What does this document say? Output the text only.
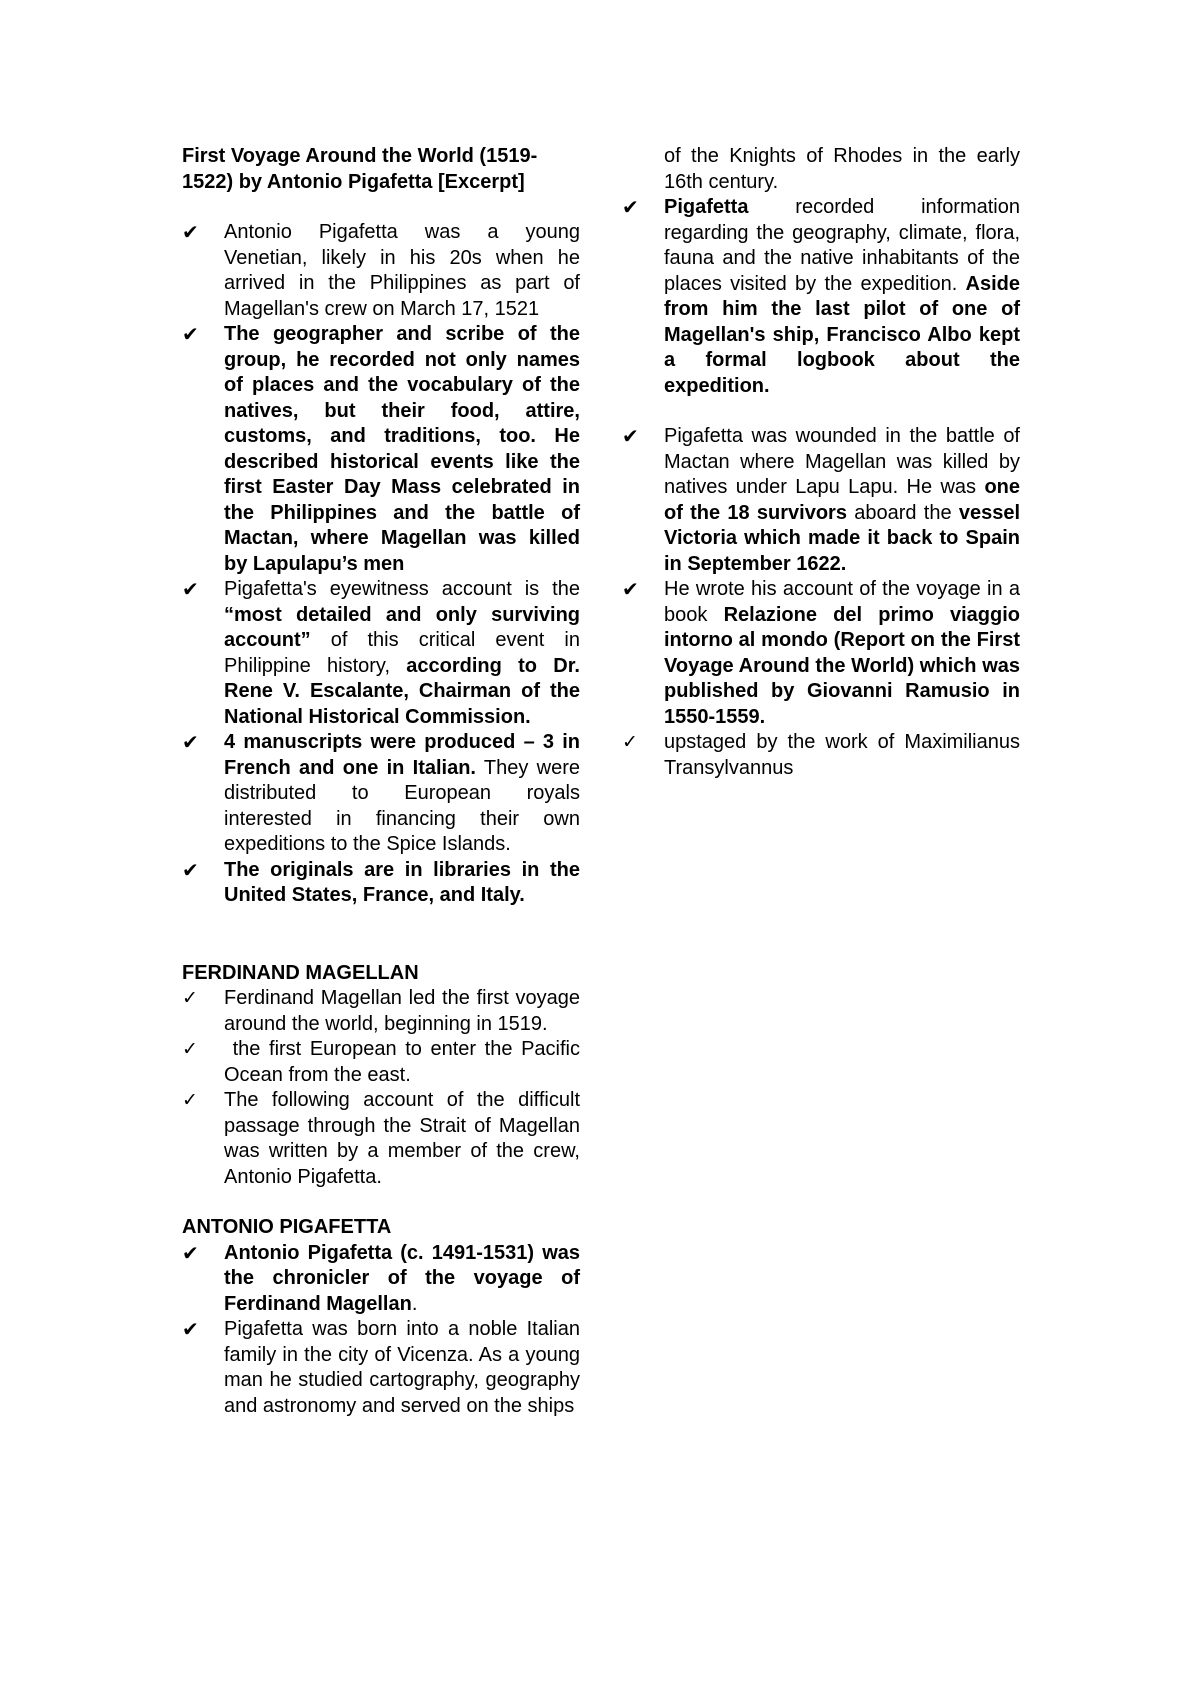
First Voyage Around the World (1519-1522) by Antonio Pigafetta [Excerpt]

✔	Antonio Pigafetta was a young Venetian, likely in his 20s when he arrived in the Philippines as part of Magellan's crew on March 17, 1521
✔	The geographer and scribe of the group, he recorded not only names of places and the vocabulary of the natives, but their food, attire, customs, and traditions, too. He described historical events like the first Easter Day Mass celebrated in the Philippines and the battle of Mactan, where Magellan was killed by Lapulapu’s men
✔	Pigafetta's eyewitness account is the “most detailed and only surviving account” of this critical event in Philippine history, according to Dr. Rene V. Escalante, Chairman of the National Historical Commission.
✔	4 manuscripts were produced – 3 in French and one in Italian. They were distributed to European royals interested in financing their own expeditions to the Spice Islands.
✔	The originals are in libraries in the United States, France, and Italy.

FERDINAND MAGELLAN

✓	Ferdinand Magellan led the first voyage around the world, beginning in 1519.
✓	the first European to enter the Pacific Ocean from the east.
✓	The following account of the difficult passage through the Strait of Magellan was written by a member of the crew, Antonio Pigafetta.

ANTONIO PIGAFETTA

✔	Antonio Pigafetta (c. 1491-1531) was the chronicler of the voyage of Ferdinand Magellan.
✔	Pigafetta was born into a noble Italian family in the city of Vicenza. As a young man he studied cartography, geography and astronomy and served on the ships
of the Knights of Rhodes in the early 16th century.
✔	Pigafetta recorded information regarding the geography, climate, flora, fauna and the native inhabitants of the places visited by the expedition. Aside from him the last pilot of one of Magellan's ship, Francisco Albo kept a formal logbook about the expedition.
✔	Pigafetta was wounded in the battle of Mactan where Magellan was killed by natives under Lapu Lapu. He was one of the 18 survivors aboard the vessel Victoria which made it back to Spain in September 1622.
✔	He wrote his account of the voyage in a book Relazione del primo viaggio intorno al mondo (Report on the First Voyage Around the World) which was published by Giovanni Ramusio in 1550-1559.
✓	upstaged by the work of Maximilianus Transylvannus
